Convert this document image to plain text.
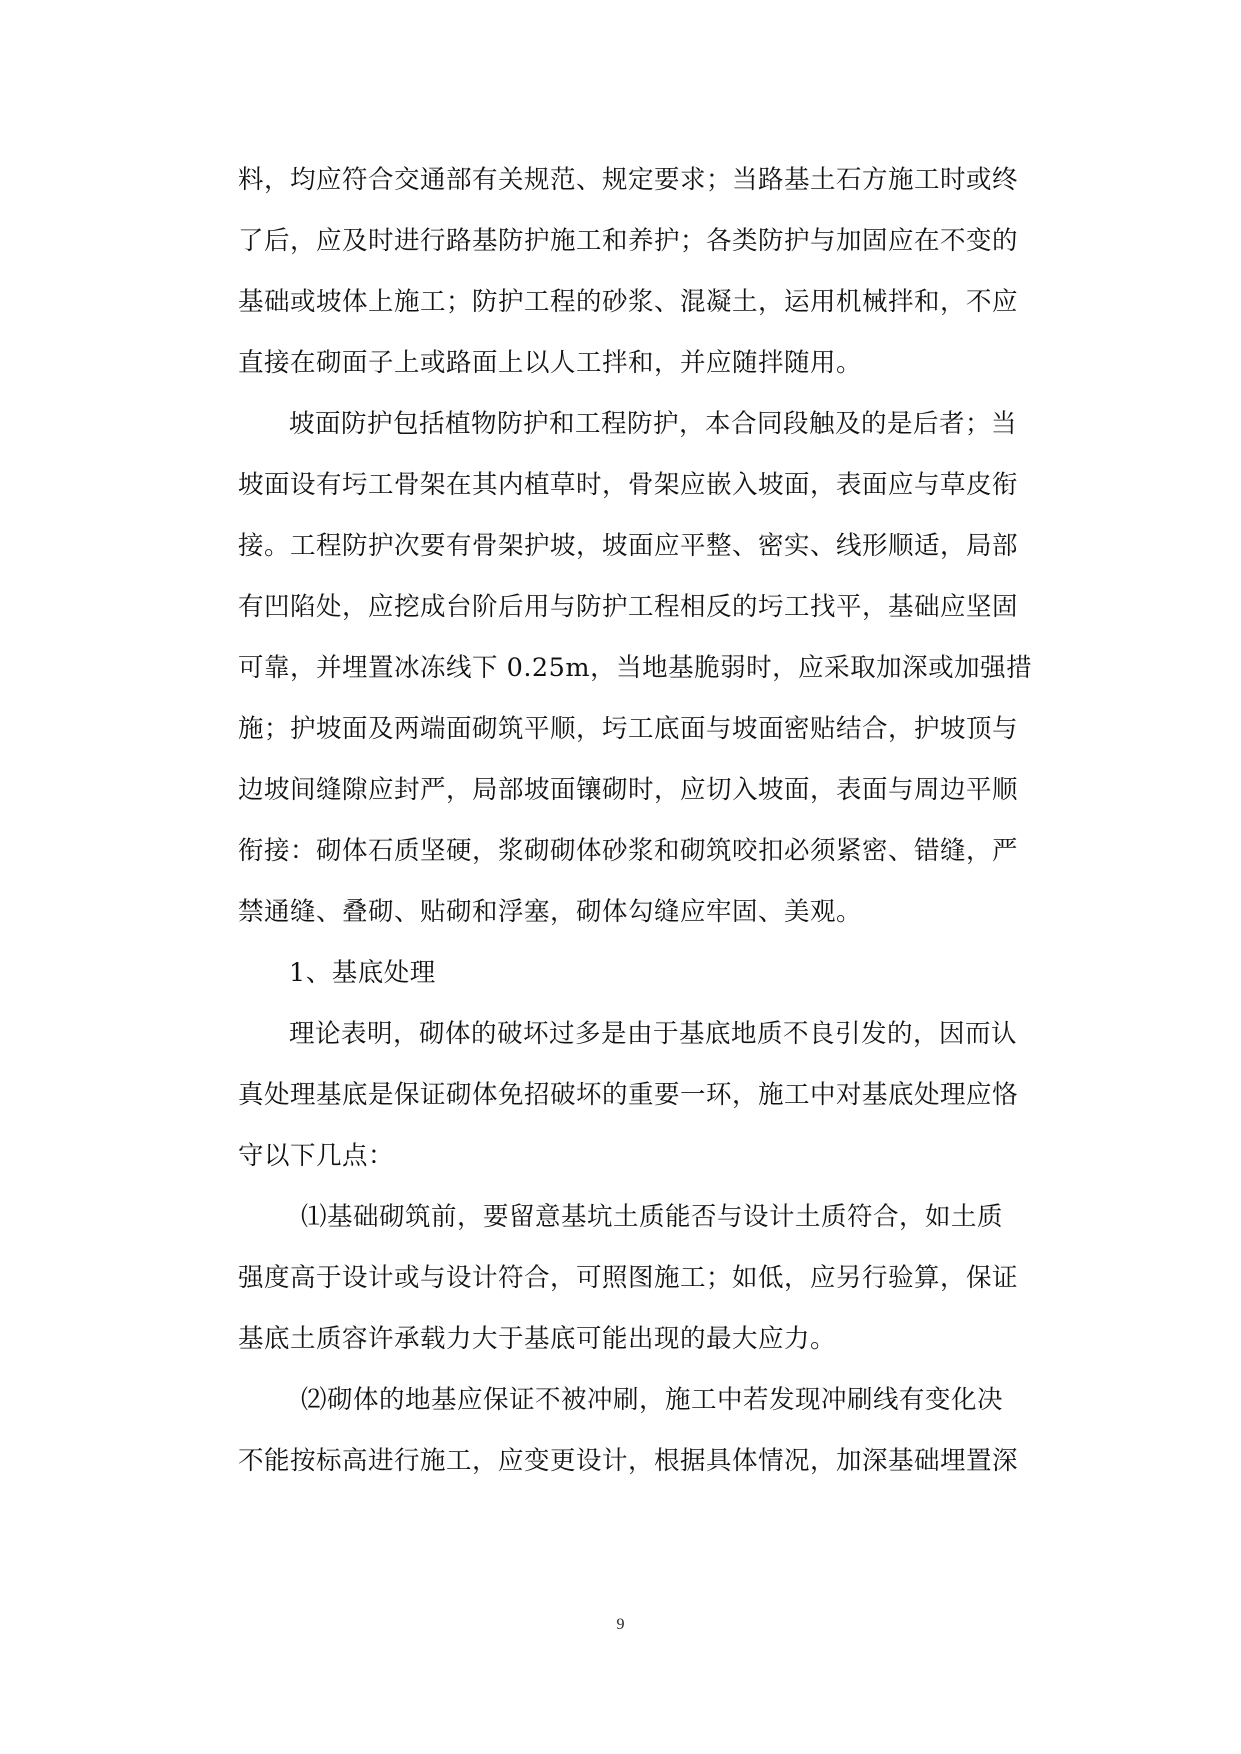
料，均应符合交通部有关规范、规定要求；当路基土石方施工时或终
了后，应及时进行路基防护施工和养护；各类防护与加固应在不变的
基础或坡体上施工；防护工程的砂浆、混凝土，运用机械拌和，不应
直接在砌面子上或路面上以人工拌和，并应随拌随用。
坡面防护包括植物防护和工程防护，本合同段触及的是后者；当
坡面设有圬工骨架在其内植草时，骨架应嵌入坡面，表面应与草皮衔
接。工程防护次要有骨架护坡，坡面应平整、密实、线形顺适，局部
有凹陷处，应挖成台阶后用与防护工程相反的圬工找平，基础应坚固
可靠，并埋置冰冻线下 0.25m，当地基脆弱时，应采取加深或加强措
施；护坡面及两端面砌筑平顺，圬工底面与坡面密贴结合，护坡顶与
边坡间缝隙应封严，局部坡面镶砌时，应切入坡面，表面与周边平顺
衔接：砌体石质坚硬，浆砌砌体砂浆和砌筑咬扣必须紧密、错缝，严
禁通缝、叠砌、贴砌和浮塞，砌体勾缝应牢固、美观。
1、基底处理
理论表明，砌体的破坏过多是由于基底地质不良引发的，因而认
真处理基底是保证砌体免招破坏的重要一环，施工中对基底处理应恪
守以下几点：
⑴基础砌筑前，要留意基坑土质能否与设计土质符合，如土质
强度高于设计或与设计符合，可照图施工；如低，应另行验算，保证
基底土质容许承载力大于基底可能出现的最大应力。
⑵砌体的地基应保证不被冲刷，施工中若发现冲刷线有变化决
不能按标高进行施工，应变更设计，根据具体情况，加深基础埋置深
9
